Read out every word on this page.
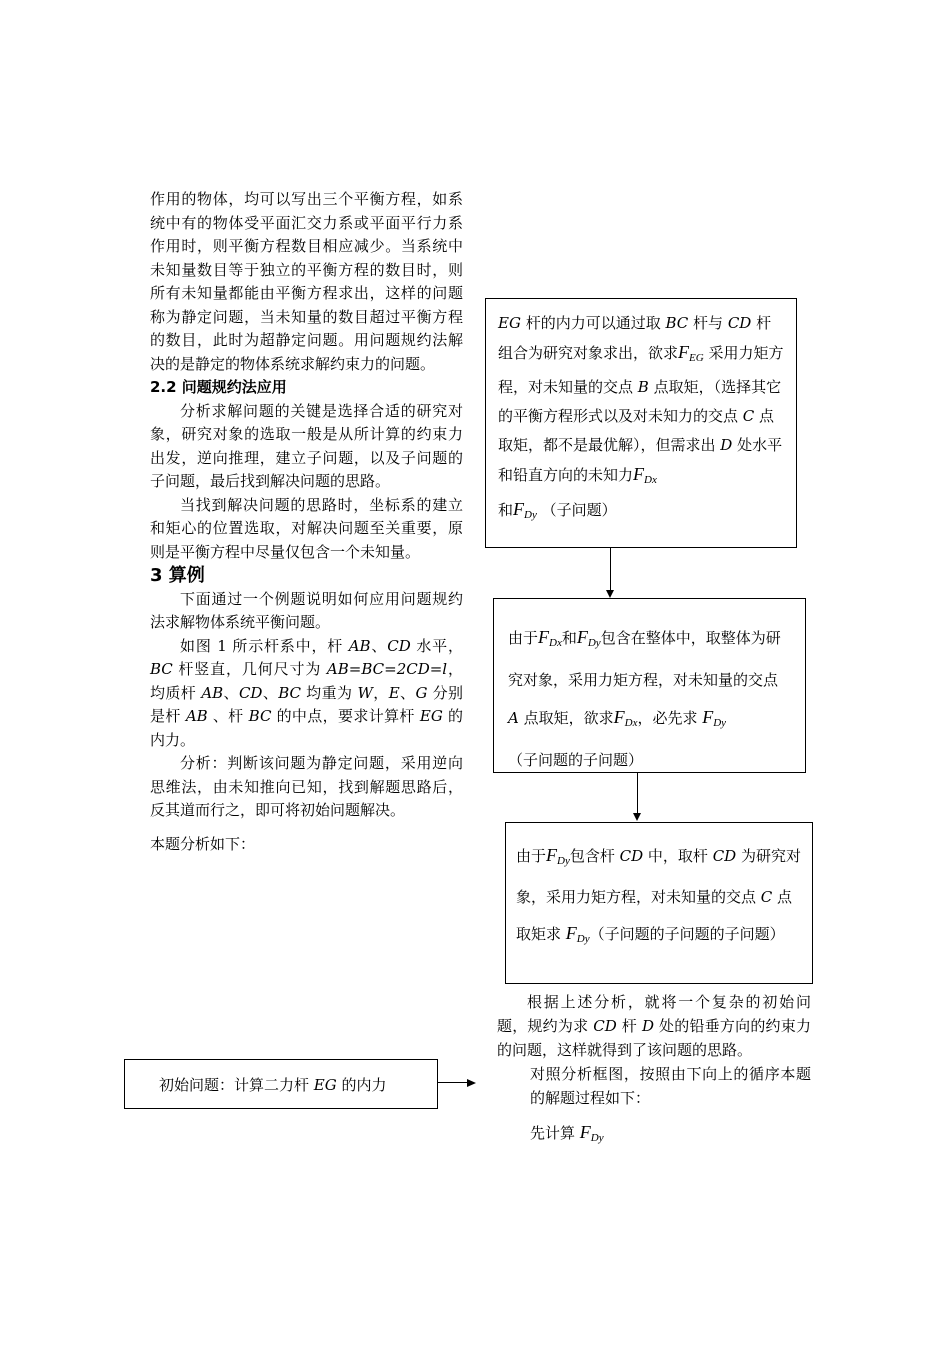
作用的物体，均可以写出三个平衡方程，如系统中有的物体受平面汇交力系或平面平行力系作用时，则平衡方程数目相应减少。当系统中未知量数目等于独立的平衡方程的数目时，则所有未知量都能由平衡方程求出，这样的问题称为静定问题，当未知量的数目超过平衡方程的数目，此时为超静定问题。用问题规约法解决的是静定的物体系统求解约束力的问题。

2.2 问题规约法应用

分析求解问题的关键是选择合适的研究对象，研究对象的选取一般是从所计算的约束力出发，逆向推理，建立子问题，以及子问题的子问题，最后找到解决问题的思路。

当找到解决问题的思路时，坐标系的建立和矩心的位置选取，对解决问题至关重要，原则是平衡方程中尽量仅包含一个未知量。

3 算例

下面通过一个例题说明如何应用问题规约法求解物体系统平衡问题。

如图 1 所示杆系中，杆 AB、CD 水平，BC 杆竖直，几何尺寸为 AB=BC=2CD=l，均质杆 AB、CD、BC 均重为 W，E、G 分别是杆 AB 、杆 BC 的中点，要求计算杆 EG 的内力。

分析：判断该问题为静定问题，采用逆向思维法，由未知推向已知，找到解题思路后，反其道而行之，即可将初始问题解决。

本题分析如下：

EG 杆的内力可以通过取 BC 杆与 CD 杆组合为研究对象求出，欲求$F_{EG}$ 采用力矩方程，对未知量的交点 B 点取矩，（选择其它的平衡方程形式以及对未知力的交点 C 点取矩，都不是最优解），但需求出 D 处水平和铅直方向的未知力$F_{Dx}$
和$F_{Dy}$ （子问题）

由于$F_{Dx}$和$F_{Dy}$包含在整体中，取整体为研究对象，采用力矩方程，对未知量的交点 A 点取矩，欲求$F_{Dx}$，必先求 $F_{Dy}$
（子问题的子问题）

由于$F_{Dy}$包含杆 CD 中，取杆 CD 为研究对象，采用力矩方程，对未知量的交点 C 点取矩求 $F_{Dy}$（子问题的子问题的子问题）

初始问题：计算二力杆 EG 的内力

根据上述分析，就将一个复杂的初始问题，规约为求 CD 杆 D 处的铅垂方向的约束力的问题，这样就得到了该问题的思路。

对照分析框图，按照由下向上的循序本题的解题过程如下：

先计算 $F_{Dy}$
